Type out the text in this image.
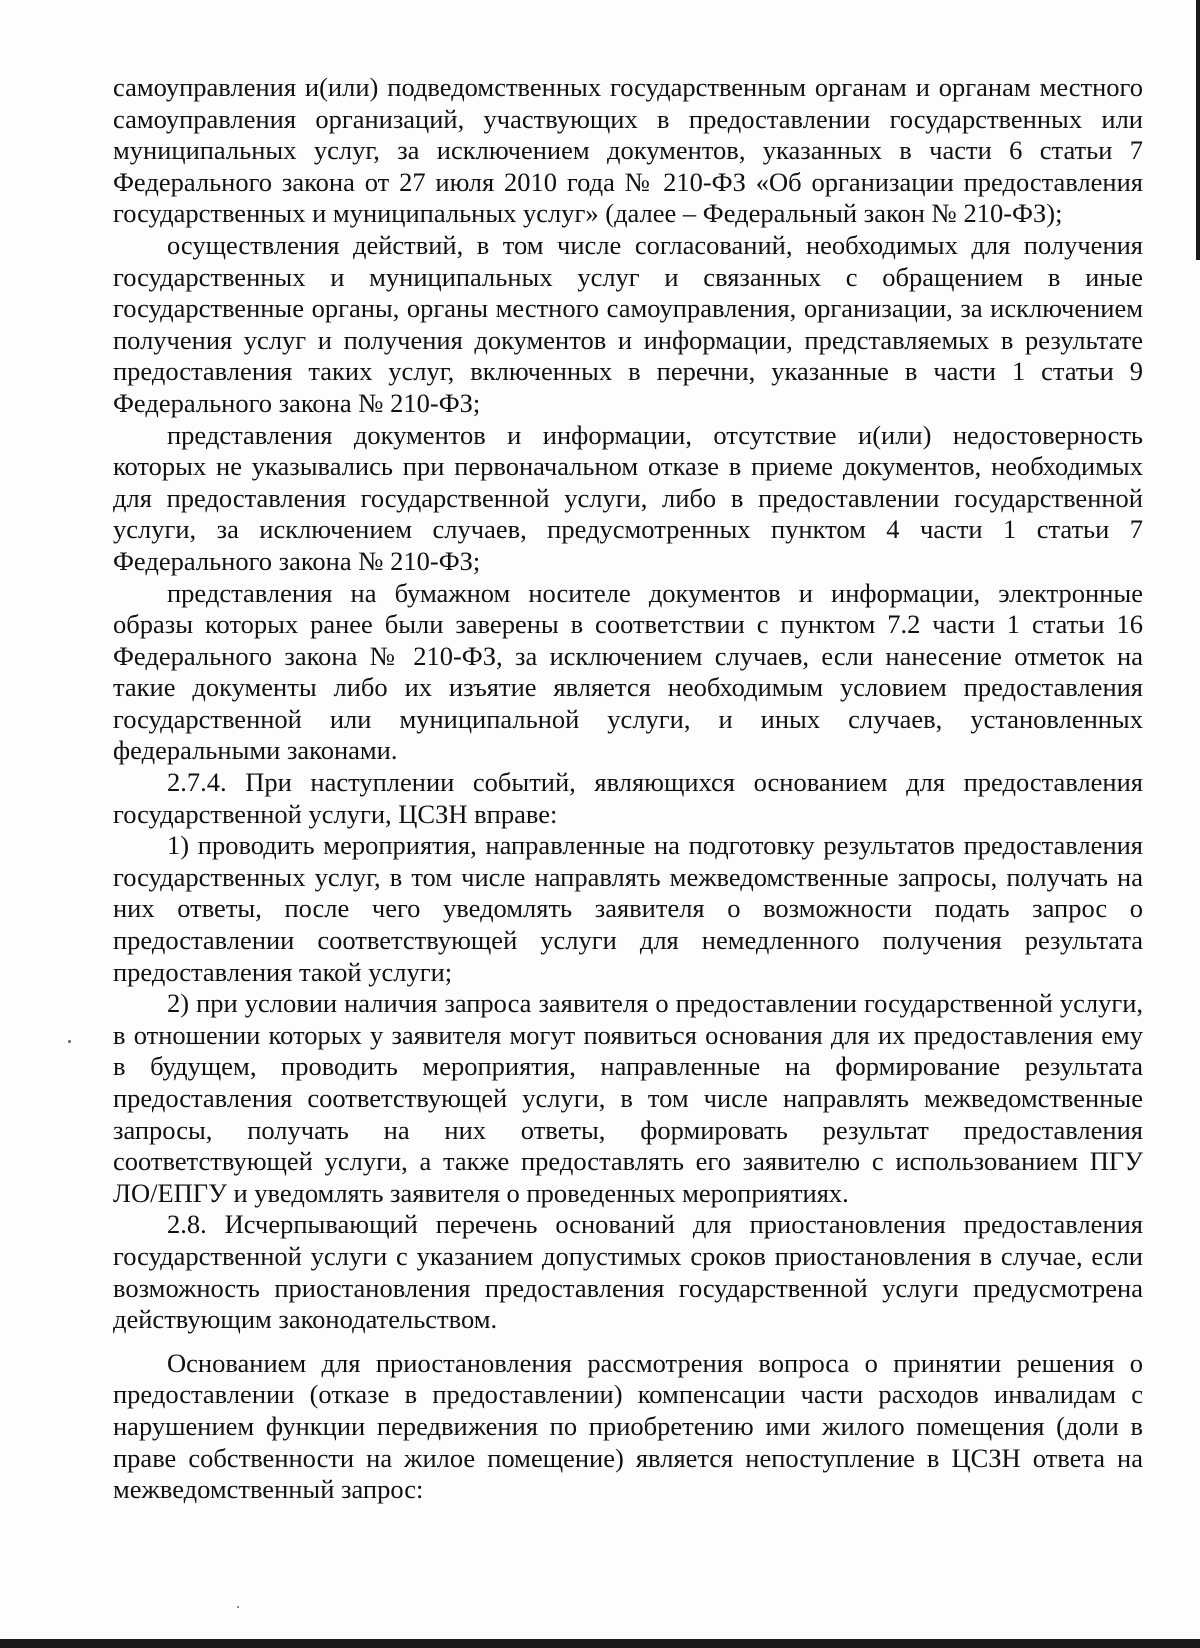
самоуправления и(или) подведомственных государственным органам и органам местного самоуправления организаций, участвующих в предоставлении государственных или муниципальных услуг, за исключением документов, указанных в части 6 статьи 7 Федерального закона от 27 июля 2010 года № 210-ФЗ «Об организации предоставления государственных и муниципальных услуг» (далее – Федеральный закон № 210-ФЗ);

осуществления действий, в том числе согласований, необходимых для получения государственных и муниципальных услуг и связанных с обращением в иные государственные органы, органы местного самоуправления, организации, за исключением получения услуг и получения документов и информации, представляемых в результате предоставления таких услуг, включенных в перечни, указанные в части 1 статьи 9 Федерального закона № 210-ФЗ;

представления документов и информации, отсутствие и(или) недостоверность которых не указывались при первоначальном отказе в приеме документов, необходимых для предоставления государственной услуги, либо в предоставлении государственной услуги, за исключением случаев, предусмотренных пунктом 4 части 1 статьи 7 Федерального закона № 210-ФЗ;

представления на бумажном носителе документов и информации, электронные образы которых ранее были заверены в соответствии с пунктом 7.2 части 1 статьи 16 Федерального закона № 210-ФЗ, за исключением случаев, если нанесение отметок на такие документы либо их изъятие является необходимым условием предоставления государственной или муниципальной услуги, и иных случаев, установленных федеральными законами.

2.7.4. При наступлении событий, являющихся основанием для предоставления государственной услуги, ЦСЗН вправе:

1) проводить мероприятия, направленные на подготовку результатов предоставления государственных услуг, в том числе направлять межведомственные запросы, получать на них ответы, после чего уведомлять заявителя о возможности подать запрос о предоставлении соответствующей услуги для немедленного получения результата предоставления такой услуги;

2) при условии наличия запроса заявителя о предоставлении государственной услуги, в отношении которых у заявителя могут появиться основания для их предоставления ему в будущем, проводить мероприятия, направленные на формирование результата предоставления соответствующей услуги, в том числе направлять межведомственные запросы, получать на них ответы, формировать результат предоставления соответствующей услуги, а также предоставлять его заявителю с использованием ПГУ ЛО/ЕПГУ и уведомлять заявителя о проведенных мероприятиях.

2.8. Исчерпывающий перечень оснований для приостановления предоставления государственной услуги с указанием допустимых сроков приостановления в случае, если возможность приостановления предоставления государственной услуги предусмотрена действующим законодательством.

Основанием для приостановления рассмотрения вопроса о принятии решения о предоставлении (отказе в предоставлении) компенсации части расходов инвалидам с нарушением функции передвижения по приобретению ими жилого помещения (доли в праве собственности на жилое помещение) является непоступление в ЦСЗН ответа на межведомственный запрос:
